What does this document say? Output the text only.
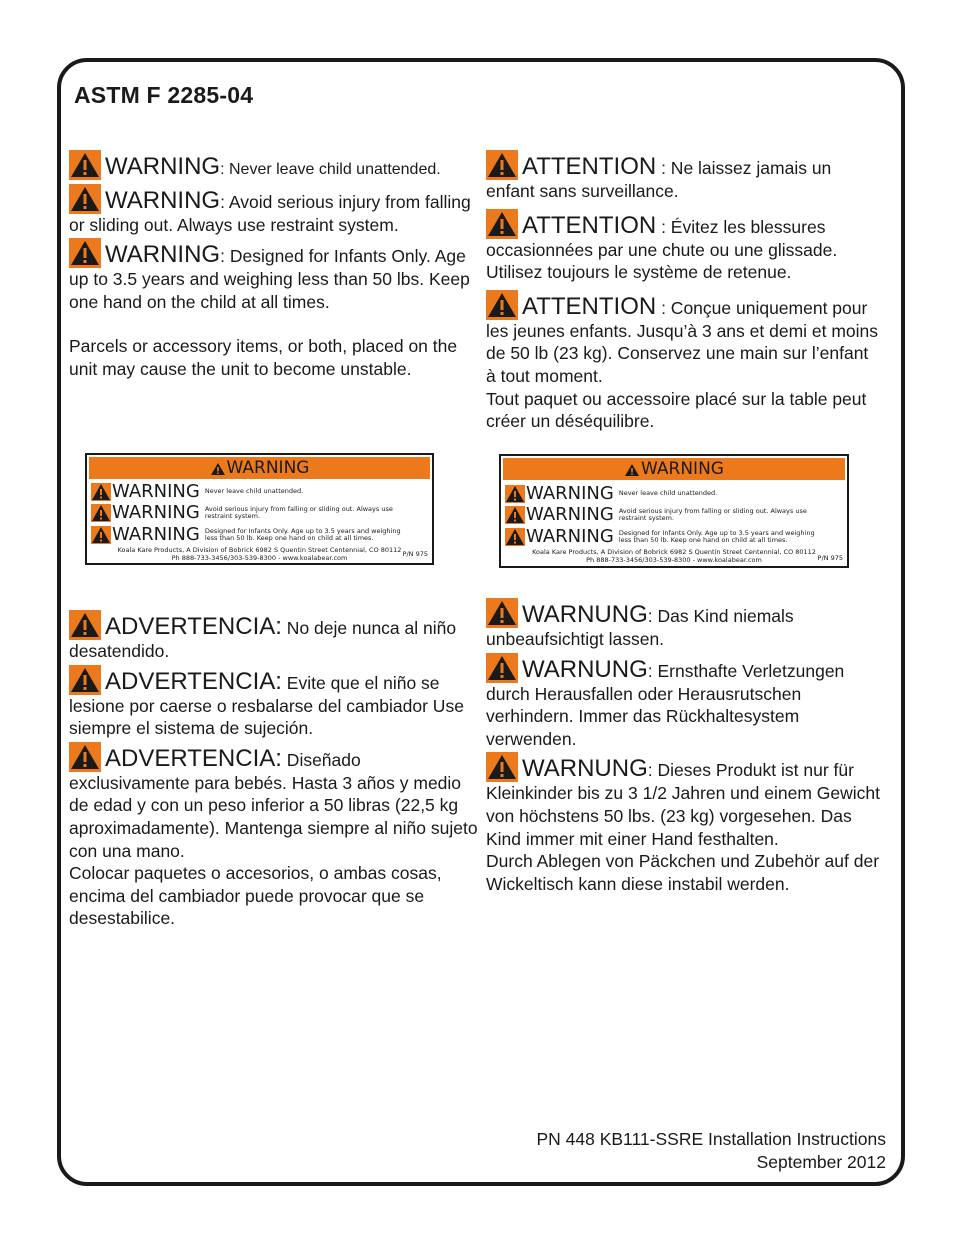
ASTM F 2285-04

WARNING: Never leave child unattended.

WARNING: Avoid serious injury from falling or sliding out. Always use restraint system.

WARNING: Designed for Infants Only. Age up to 3.5 years and weighing less than 50 lbs. Keep one hand on the child at all times.

Parcels or accessory items, or both, placed on the unit may cause the unit to become unstable.

ATTENTION : Ne laissez jamais un enfant sans surveillance.

ATTENTION : Évitez les blessures occasionnées par une chute ou une glissade. Utilisez toujours le système de retenue.

ATTENTION : Conçue uniquement pour les jeunes enfants. Jusqu’à 3 ans et demi et moins de 50 lb (23 kg). Conservez une main sur l’enfant à tout moment.

Tout paquet ou accessoire placé sur la table peut créer un déséquilibre.

WARNING
WARNING Never leave child unattended.
WARNING Avoid serious injury from falling or sliding out. Always use restraint system.
WARNING Designed for Infants Only. Age up to 3.5 years and weighing less than 50 lb. Keep one hand on child at all times.
Koala Kare Products, A Division of Bobrick 6982 S Quentin Street Centennial, CO 80112
Ph 888-733-3456/303-539-8300 - www.koalabear.com	P/N 975
WARNING
WARNING Never leave child unattended.
WARNING Avoid serious injury from falling or sliding out. Always use restraint system.
WARNING Designed for Infants Only. Age up to 3.5 years and weighing less than 50 lb. Keep one hand on child at all times.
Koala Kare Products, A Division of Bobrick 6982 S Quentin Street Centennial, CO 80112
Ph 888-733-3456/303-539-8300 - www.koalabear.com	P/N 975

ADVERTENCIA: No deje nunca al niño desatendido.

ADVERTENCIA: Evite que el niño se lesione por caerse o resbalarse del cambiador Use siempre el sistema de sujeción.

ADVERTENCIA: Diseñado exclusivamente para bebés. Hasta 3 años y medio de edad y con un peso inferior a 50 libras (22,5 kg aproximadamente). Mantenga siempre al niño sujeto con una mano.

Colocar paquetes o accesorios, o ambas cosas, encima del cambiador puede provocar que se desestabilice.

WARNUNG: Das Kind niemals unbeaufsichtigt lassen.

WARNUNG: Ernsthafte Verletzungen durch Herausfallen oder Herausrutschen verhindern. Immer das Rückhaltesystem verwenden.

WARNUNG: Dieses Produkt ist nur für Kleinkinder bis zu 3 1/2 Jahren und einem Gewicht von höchstens 50 lbs. (23 kg) vorgesehen. Das Kind immer mit einer Hand festhalten.

Durch Ablegen von Päckchen und Zubehör auf der Wickeltisch kann diese instabil werden.

PN 448 KB111-SSRE Installation Instructions
September 2012
